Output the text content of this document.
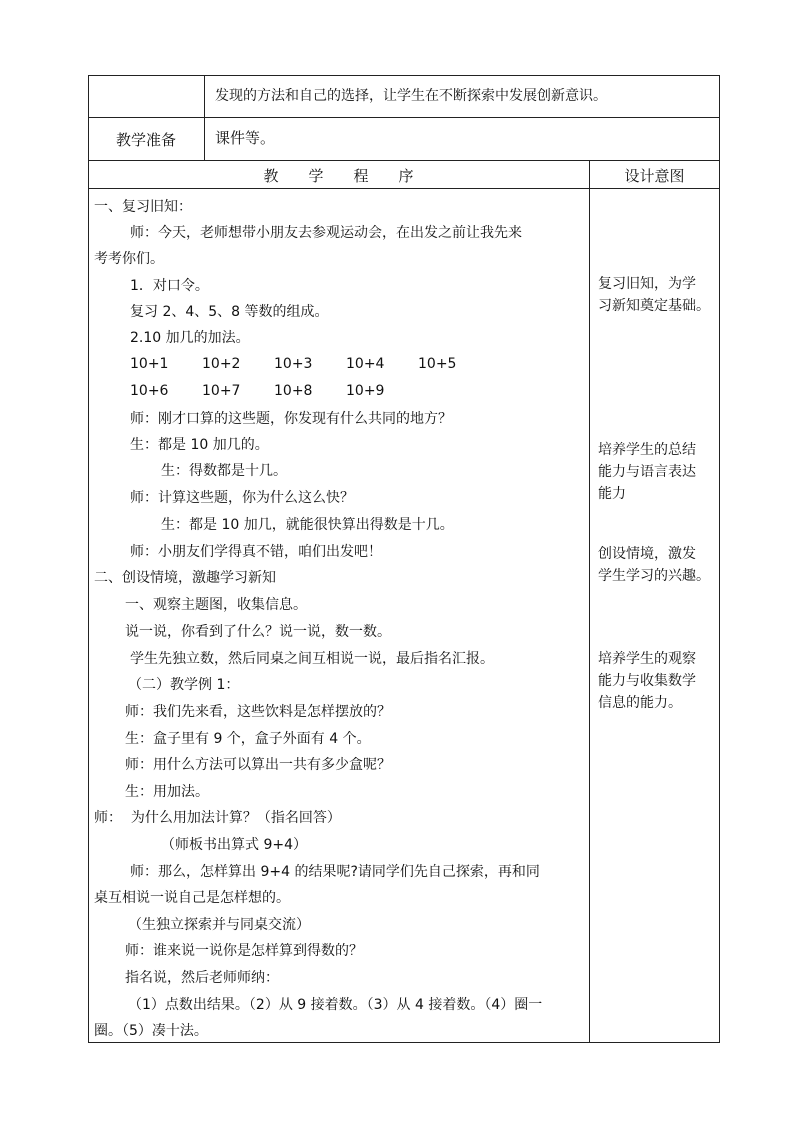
发现的方法和自己的选择，让学生在不断探索中发展创新意识。
教学准备	课件等。
教　　学　　程　　序	设计意图
一、复习旧知：
师：今天，老师想带小朋友去参观运动会，在出发之前让我先来
考考你们。
1．对口令。
复习 2、4、5、8 等数的组成。
2.10 加几的加法。
10+1 10+2 10+3 10+4 10+5
10+6 10+7 10+8 10+9
师：刚才口算的这些题，你发现有什么共同的地方？
生：都是 10 加几的。
生：得数都是十几。
师：计算这些题，你为什么这么快？
生：都是 10 加几，就能很快算出得数是十几。
师：小朋友们学得真不错，咱们出发吧！
二、创设情境，激趣学习新知
一、观察主题图，收集信息。
说一说，你看到了什么？说一说，数一数。
学生先独立数，然后同桌之间互相说一说，最后指名汇报。
（二）教学例 1：
师：我们先来看，这些饮料是怎样摆放的？
生：盒子里有 9 个，盒子外面有 4 个。
师：用什么方法可以算出一共有多少盒呢？
生：用加法。
师：  为什么用加法计算？（指名回答）
（师板书出算式 9+4）
师：那么，怎样算出 9+4 的结果呢?请同学们先自己探索，再和同
桌互相说一说自己是怎样想的。
（生独立探索并与同桌交流）
师：谁来说一说你是怎样算到得数的？
指名说，然后老师师纳：
（1）点数出结果。（2）从 9 接着数。（3）从 4 接着数。（4）圈一
圈。（5）凑十法。
复习旧知，为学
习新知奠定基础。
培养学生的总结
能力与语言表达
能力
创设情境，激发
学生学习的兴趣。
培养学生的观察
能力与收集数学
信息的能力。
